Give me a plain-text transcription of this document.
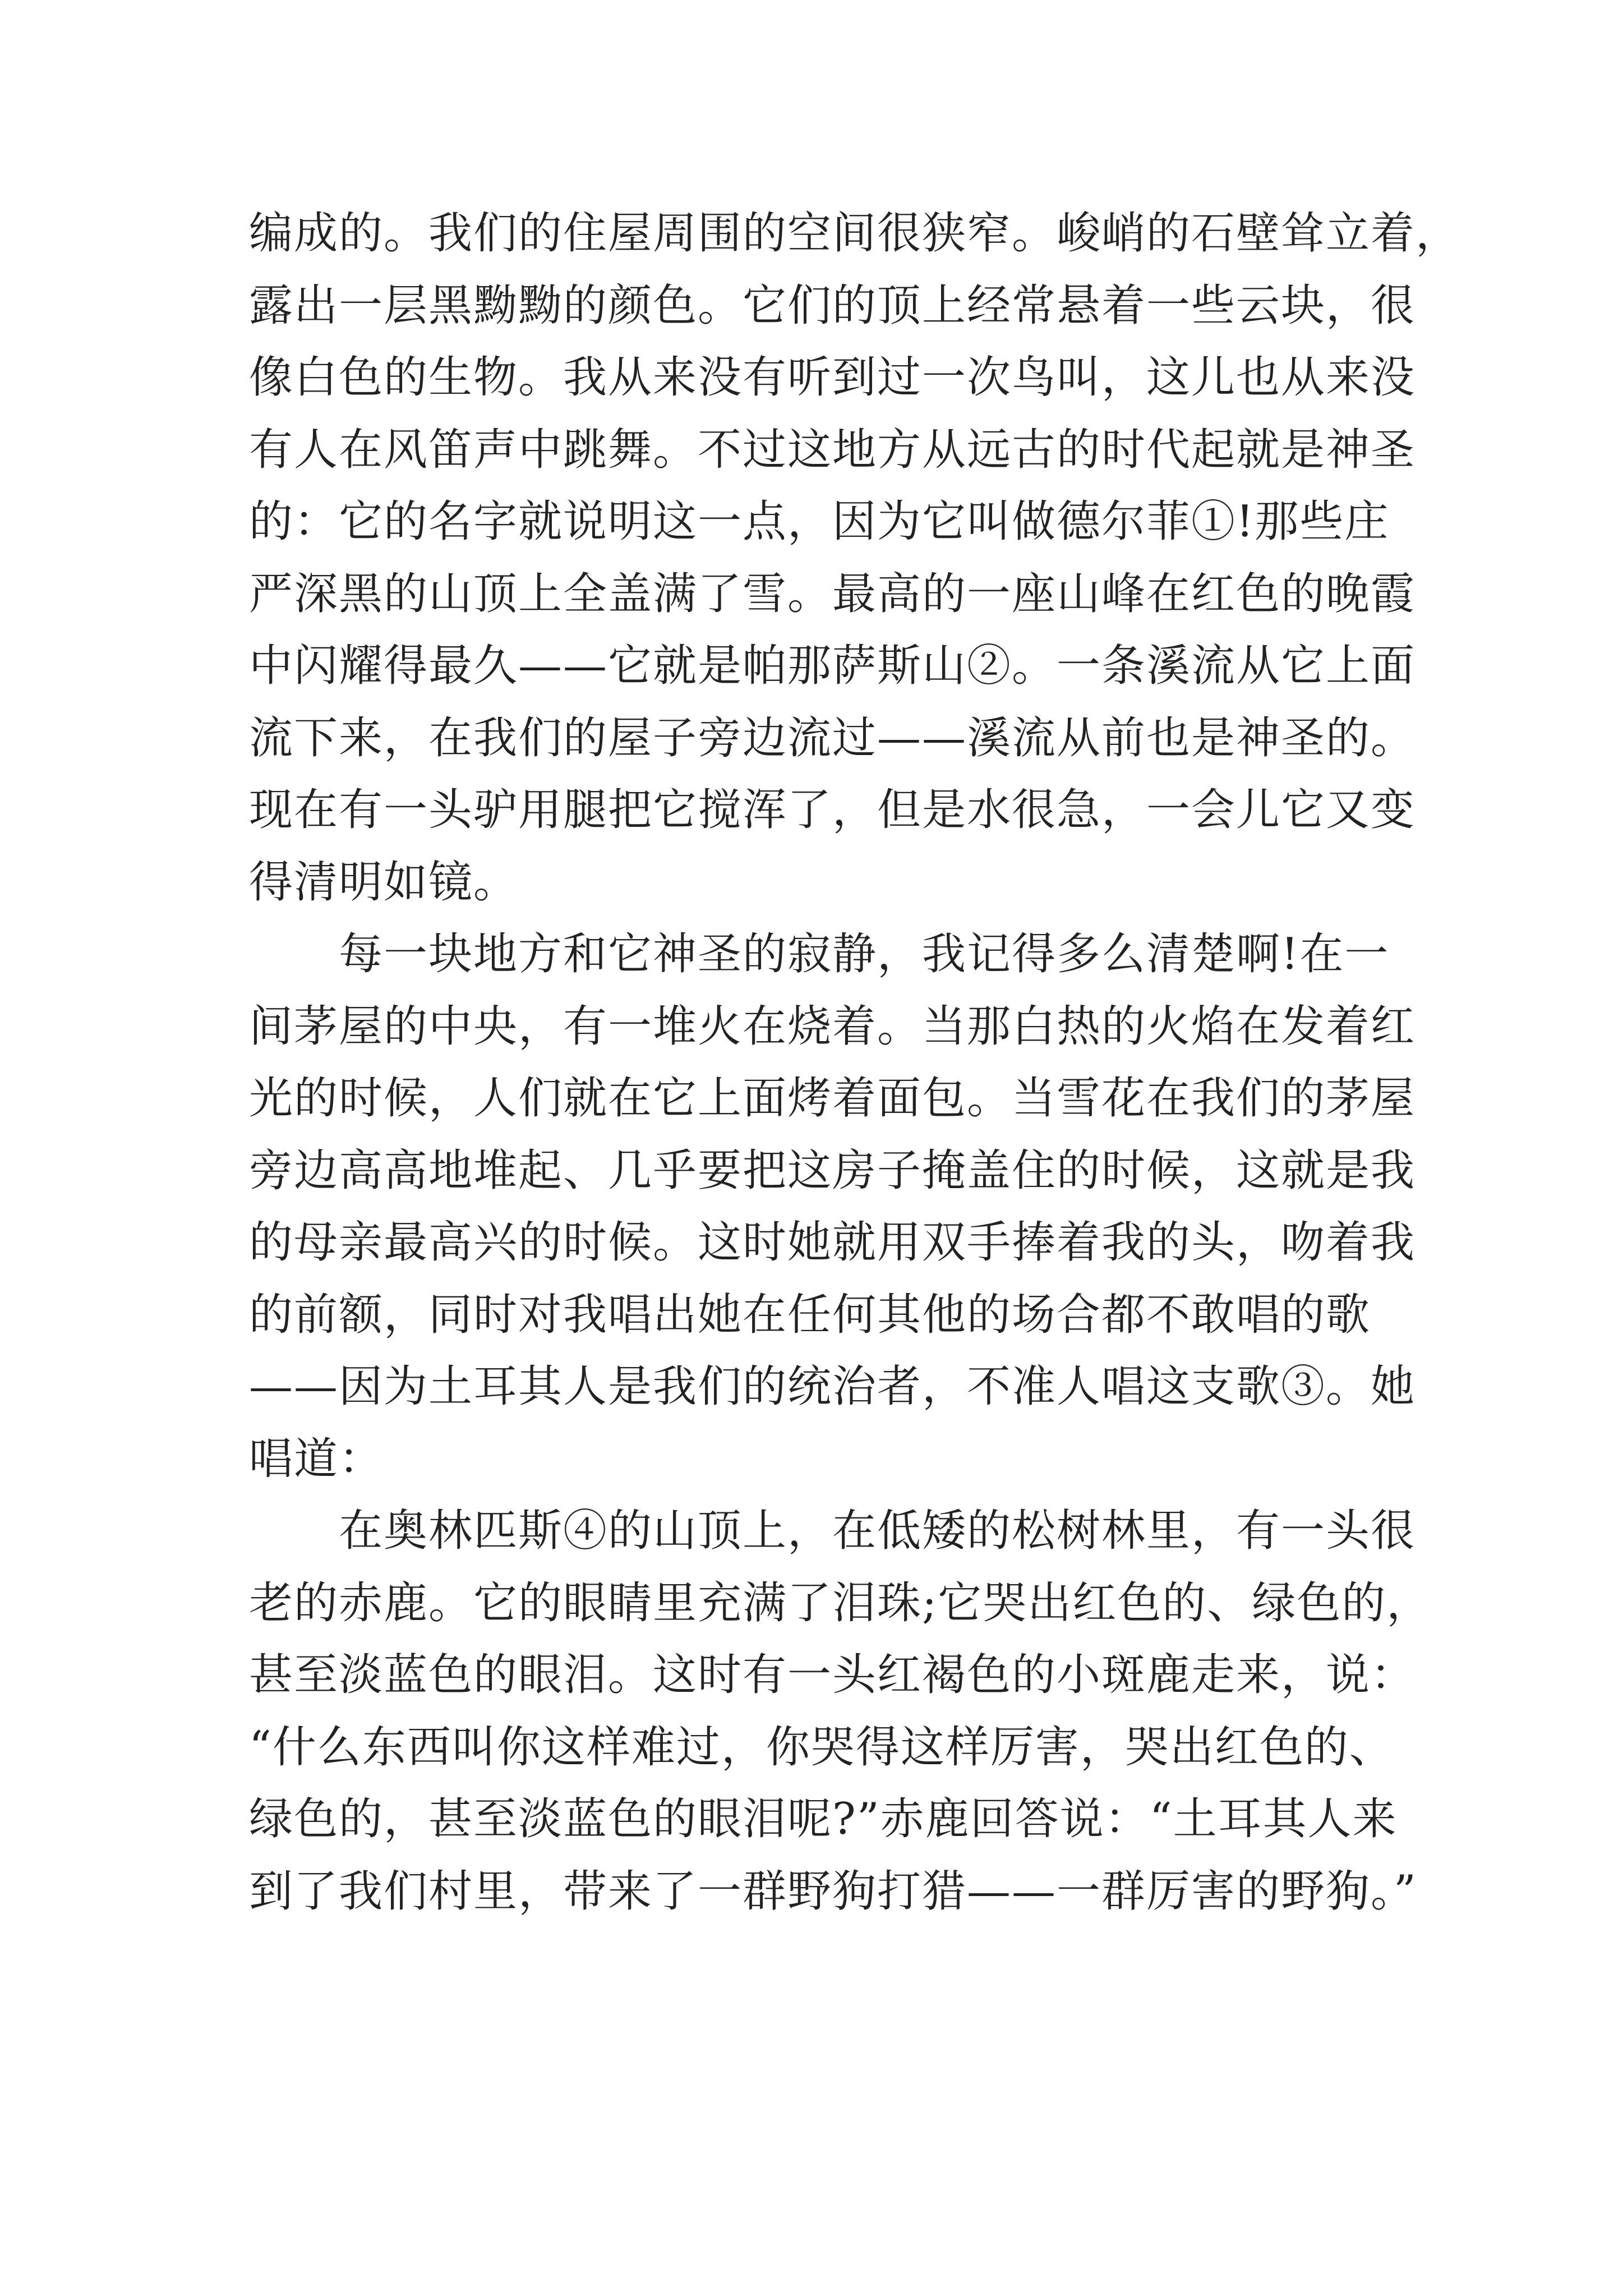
编成的。我们的住屋周围的空间很狭窄。峻峭的石壁耸立着，
露出一层黑黝黝的颜色。它们的顶上经常悬着一些云块，很
像白色的生物。我从来没有听到过一次鸟叫，这儿也从来没
有人在风笛声中跳舞。不过这地方从远古的时代起就是神圣
的：它的名字就说明这一点，因为它叫做德尔菲①!那些庄
严深黑的山顶上全盖满了雪。最高的一座山峰在红色的晚霞
中闪耀得最久——它就是帕那萨斯山②。一条溪流从它上面
流下来，在我们的屋子旁边流过——溪流从前也是神圣的。
现在有一头驴用腿把它搅浑了，但是水很急，一会儿它又变
得清明如镜。
每一块地方和它神圣的寂静，我记得多么清楚啊!在一
间茅屋的中央，有一堆火在烧着。当那白热的火焰在发着红
光的时候，人们就在它上面烤着面包。当雪花在我们的茅屋
旁边高高地堆起、几乎要把这房子掩盖住的时候，这就是我
的母亲最高兴的时候。这时她就用双手捧着我的头，吻着我
的前额，同时对我唱出她在任何其他的场合都不敢唱的歌
——因为土耳其人是我们的统治者，不准人唱这支歌③。她
唱道：
在奥林匹斯④的山顶上，在低矮的松树林里，有一头很
老的赤鹿。它的眼睛里充满了泪珠;它哭出红色的、绿色的，
甚至淡蓝色的眼泪。这时有一头红褐色的小斑鹿走来，说：
“什么东西叫你这样难过，你哭得这样厉害，哭出红色的、
绿色的，甚至淡蓝色的眼泪呢?”赤鹿回答说：“土耳其人来
到了我们村里，带来了一群野狗打猎——一群厉害的野狗。”
